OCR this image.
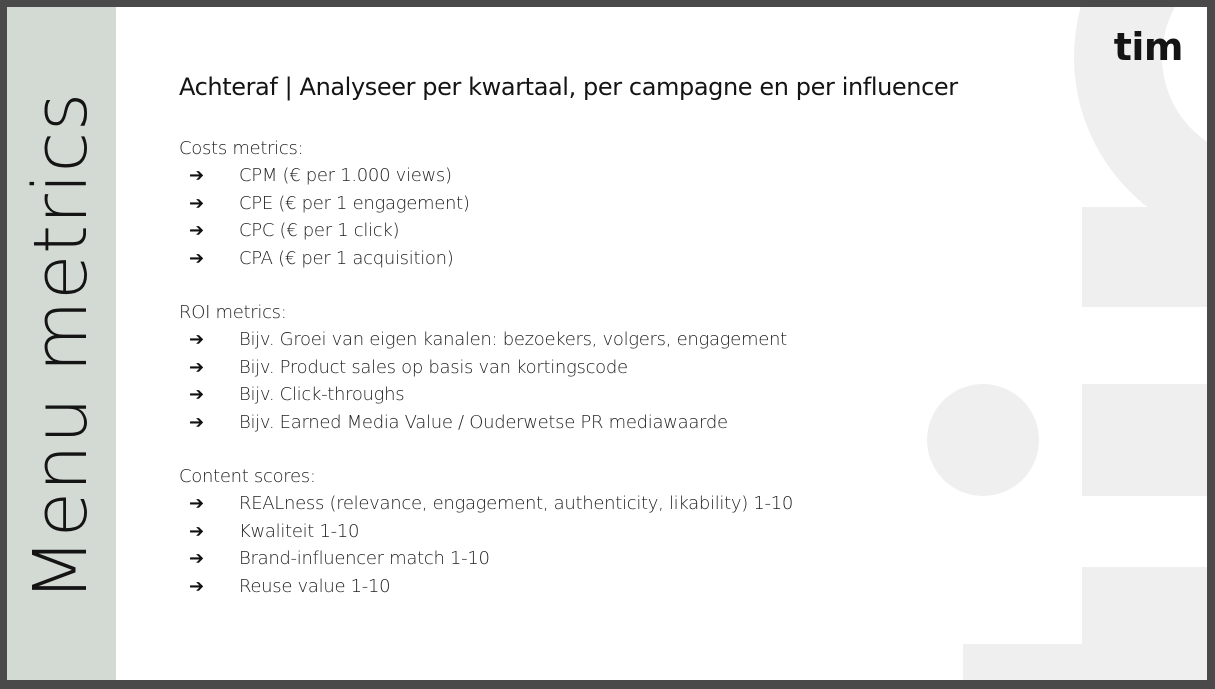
Menu metrics
tim
Achteraf | Analyseer per kwartaal, per campagne en per influencer
Costs metrics:
➔	CPM (€ per 1.000 views)
➔	CPE (€ per 1 engagement)
➔	CPC (€ per 1 click)
➔	CPA (€ per 1 acquisition)
ROI metrics:
➔	Bijv. Groei van eigen kanalen: bezoekers, volgers, engagement
➔	Bijv. Product sales op basis van kortingscode
➔	Bijv. Click-throughs
➔	Bijv. Earned Media Value / Ouderwetse PR mediawaarde
Content scores:
➔	REALness (relevance, engagement, authenticity, likability) 1-10
➔	Kwaliteit 1-10
➔	Brand-influencer match 1-10
➔	Reuse value 1-10
